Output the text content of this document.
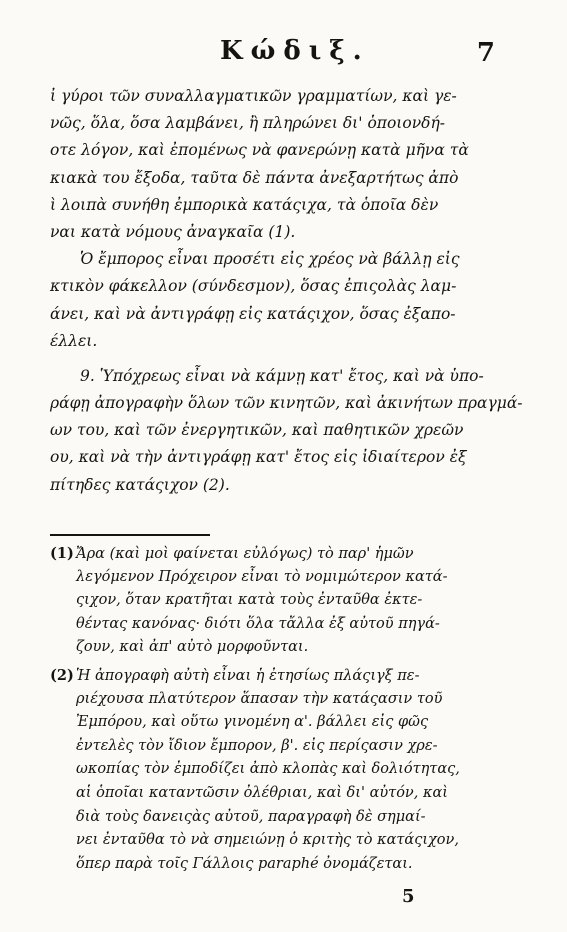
Κώδιξ.	7
ἰ γύροι τῶν συναλλαγματικῶν γραμματίων, καὶ γε-
νῶς, ὅλα, ὅσα λαμβάνει, ἢ πληρώνει δι' ὁποιονδή-
οτε λόγον, καὶ ἐπομένως νὰ φανερώνῃ κατὰ μῆνα τὰ
κιακὰ του ἔξοδα, ταῦτα δὲ πάντα ἀνεξαρτήτως ἀπὸ
ὶ λοιπὰ συνήθη ἐμπορικὰ κατάςιχα, τὰ ὁποῖα δὲν
ναι κατὰ νόμους ἀναγκαῖα (1).
Ὁ ἔμπορος εἶναι προσέτι εἰς χρέος νὰ βάλλῃ εἰς
κτικὸν φάκελλον (σύνδεσμον), ὅσας ἐπιςολὰς λαμ-
άνει, καὶ νὰ ἀντιγράφῃ εἰς κατάςιχον, ὅσας ἐξαπο-
έλλει.
9. Ὑπόχρεως εἶναι νὰ κάμνῃ κατ' ἔτος, καὶ νὰ ὑπο-
ράφῃ ἀπογραφὴν ὅλων τῶν κινητῶν, καὶ ἀκινήτων πραγμά-
ων του, καὶ τῶν ἐνεργητικῶν, καὶ παθητικῶν χρεῶν
ου, καὶ νὰ τὴν ἀντιγράφῃ κατ' ἔτος εἰς ἰδιαίτερον ἐξ
πίτηδες κατάςιχον (2).
(1) Ἄρα (καὶ μοὶ φαίνεται εὐλόγως) τὸ παρ' ἡμῶν
λεγόμενον Πρόχειρον εἶναι τὸ νομιμώτερον κατά-
ςιχον, ὅταν κρατῆται κατὰ τοὺς ἐνταῦθα ἐκτε-
θέντας κανόνας· διότι ὅλα τἄλλα ἐξ αὐτοῦ πηγά-
ζουν, καὶ ἀπ' αὐτὸ μορφοῦνται.
(2) Ἡ ἀπογραφὴ αὐτὴ εἶναι ἡ ἐτησίως πλάςιγξ πε-
ριέχουσα πλατύτερον ἅπασαν τὴν κατάςασιν τοῦ
Ἐμπόρου, καὶ οὕτω γινομένη α'. βάλλει εἰς φῶς
ἐντελὲς τὸν ἴδιον ἔμπορον, β'. εἰς περίςασιν χρε-
ωκοπίας τὸν ἐμποδίζει ἀπὸ κλοπὰς καὶ δολιότητας,
αἱ ὁποῖαι καταντῶσιν ὀλέθριαι, καὶ δι' αὐτόν, καὶ
διὰ τοὺς δανειςὰς αὐτοῦ, παραγραφὴ δὲ σημαί-
νει ἐνταῦθα τὸ νὰ σημειώνῃ ὁ κριτὴς τὸ κατάςιχον,
ὅπερ παρὰ τοῖς Γάλλοις paraphé ὀνομάζεται.
5
